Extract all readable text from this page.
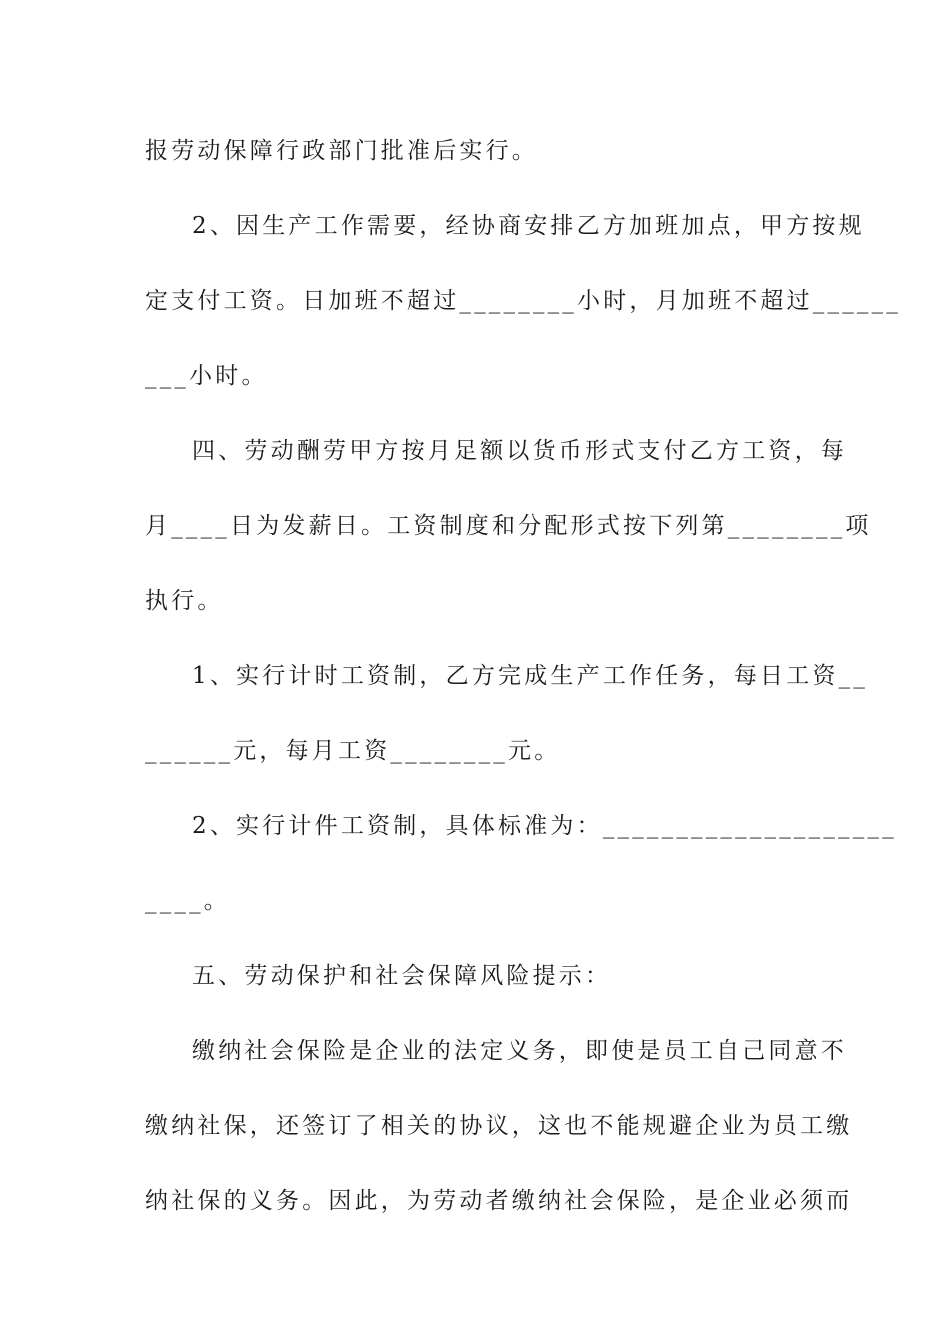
报劳动保障行政部门批准后实行。
2、因生产工作需要，经协商安排乙方加班加点，甲方按规
定支付工资。日加班不超过________小时，月加班不超过______
___小时。
四、劳动酬劳甲方按月足额以货币形式支付乙方工资，每
月____日为发薪日。工资制度和分配形式按下列第________项
执行。
1、实行计时工资制，乙方完成生产工作任务，每日工资__
______元，每月工资________元。
2、实行计件工资制，具体标准为：____________________
____。
五、劳动保护和社会保障风险提示：
缴纳社会保险是企业的法定义务，即使是员工自己同意不
缴纳社保，还签订了相关的协议，这也不能规避企业为员工缴
纳社保的义务。因此，为劳动者缴纳社会保险，是企业必须而
